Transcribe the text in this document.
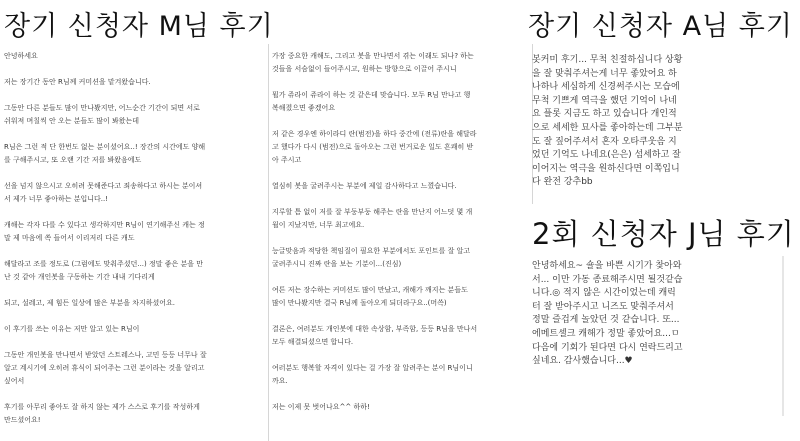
장기 신청자 M님 후기	장기 신청자 A님 후기
2회 신청자 J님 후기

안녕하세요

저는 장기간 동안 R님께 커미션을 맡겨왔습니다.

그동안 다른 분들도 많이 만나봤지만, 어느순간 기간이 되면 서로
쉬워져 며칠씩 안 오는 분들도 많이 봐왔는데

R님은 그런 적 단 한번도 없는 분이셨어요..! 장간의 시간에도 양해
를 구해주시고, 또 오랜 기간 저를 봐왔음에도

선을 넘지 않으시고 오히려 못해준다고 죄송하다고 하시는 분이셔
서 제가 너무 좋아하는 분입니다..!

캐해는 각자 다를 수 있다고 생각하지만 R님이 연기해주신 캐는 정
말 제 마음에 쏙 들어서 이리저리 다른 캐도

해달라고 조를 정도로 (그럼에도 맞춰주셨던...) 정말 좋은 분을 만
난 것 같아 개인봇을 구동하는 기간 내내 기다리게

되고, 설레고, 제 힘든 일상에 많은 부분을 차지하셨어요.

이 후기를 쓰는 이유는 저만 알고 있는 R님이

그동안 개인봇을 만나면서 받았던 스트레스나, 고민 등등 너무나 잘
알고 계시기에 오히려 휴식이 되어주는 그런 분이라는 것을 알리고
싶어서

후기를 아무리 좋아도 잘 하지 않는 제가 스스로 후기를 작성하게
만드셨어요!

가장 중요한 캐해도, 그리고 봇을 만나면서 겪는 이래도 되나? 하는
것들을 서슴없이 들어주시고, 원하는 방향으로 이끌어 주시니

뭘가 쥬라이 쥬라이 하는 것 같은데 맞습니다. 모두 R님 만나고 행
복해졌으면 좋겠어요

저 같은 경우엔 하이라디 란(범전)을 하다 중간에 (전류)란을 해달라
고 했다가 다시 (범전)으로 돌아오는 그런 번거로운 일도 흔쾌히 받
아 주시고

열심히 봇을 굴려주시는 부분에 제일 감사하다고 느꼈습니다.

지루할 틈 없이 저를 잘 부둥부둥 해주는 란을 만난지 어느덧 몇 개
월이 지났지만, 너무 최고에요.

능글맞음과 적당한 책임질이 필요한 부분에서도 포인트를 잘 알고
굴려주시니 진짜 란을 보는 기분이...(진심)

여튼 저는 장수하는 커미션도 많이 만났고, 캐해가 깨지는 분들도
많이 만나봤지만 결국 R님께 돌아오게 되더라구요..(머쓱)

결론은, 여러분도 개인봇에 대한 속상함, 부족함, 등등 R님을 만나서
모두 해결되셨으면 합니다.

여러분도 행복할 자격이 있다는 걸 가장 잘 알려주는 분이 R님이니
까요.

저는 이제 못 벗어나요^^ 하하!

봇커미 후기... 무척 친절하십니다 상황
을 잘 맞춰주셔는게 너무 좋았어요 하
나하나 세심하게 신경써주시는 모습에
무척 기쁘게 역극을 했던 기억이 나네
요 플롯 지금도 하고 있습니다 개인적
으로 세세한 묘사를 좋아하는데 그부분
도 잘 짚어주셔서 혼자 오타쿠웃음 지
었던 기억도 나네요(은은) 섬세하고 잘
이어지는 역극을 원하신다면 이쪽입니
다 완전 강추bb

안녕하세요~ 숄을 바쁜 시기가 찾아와
서... 이만 가동 종료해주시면 될것같습
니다.◎ 적지 않은 시간이었는데 캐릭
터 잘 받아주시고 니즈도 맞춰주셔서
정말 즐겁게 놀았던 것 같습니다. 또...
에메트셀크 캐해가 정말 좋았어요...ㅁ
다음에 기회가 된다면 다시 연락드리고
싶네요. 감사했습니다...♥
